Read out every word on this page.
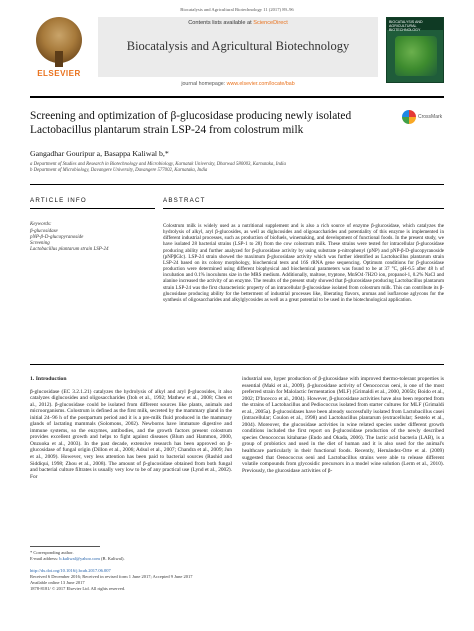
Biocatalysis and Agricultural Biotechnology 11 (2017) 89–96
ELSEVIER
Contents lists available at ScienceDirect
Biocatalysis and Agricultural Biotechnology
journal homepage: www.elsevier.com/locate/bab
BIOCATALYSIS AND AGRICULTURAL BIOTECHNOLOGY
Screening and optimization of β-glucosidase producing newly isolated
Lactobacillus plantarum strain LSP-24 from colostrum milk
CrossMark
Gangadhar Gouripur a, Basappa Kaliwal b,*
a Department of Studies and Research in Biotechnology and Microbiology, Karnatak University, Dharwad 580003, Karnataka, India
b Department of Microbiology, Davangere University, Davangere 577002, Karnataka, India
ARTICLE INFO	ABSTRACT
Keywords:
β-glucosidase
pNP-β-D-glucopyranoside
Screening
Lactobacillus plantarum strain LSP-24
Colostrum milk is widely used as a nutritional supplement and is also a rich source of enzyme β-glucosidase, which catalyzes the hydrolysis of alkyl, aryl β-glucosides, as well as diglucosides and oligosaccharides and potentiality of this enzyme is implemented in different industrial processes, such as production of biofuels, winemaking, and development of functional foods. In the present study, we have isolated 28 bacterial strains (LSP-1 to 28) from the cow colostrum milk. These strains were tested for intracellular β-glucosidase producing ability and further analyzed for β-glucosidase activity by using substrate p-nitrophenyl (pNP) and pNP-β-D-glucopyranoside (pNPβGlc). LSP-24 strain showed the maximum β-glucosidase activity which was further identified as Lactobacillus plantarum strain LSP-24 based on its colony morphology, biochemical tests and 16S rRNA gene sequencing. Optimum conditions for β-glucosidase production were determined using different biophysical and biochemical parameters was found to be at 37 °C, pH-6.5 after 48 h of incubation and 0.1% inoculums size in the MRS medium. Additionally, maltose, tryptone, MnSO4·7H2O ion, propanol-1, 0.2% NaCl and alanine increased the activity of an enzyme. The results of the present study showed that β-glucosidase producing Lactobacillus plantarum strain LSP-24 was the first characteristic property of an intracellular β-glucosidase isolated from colostrum milk. This can contribute its β-glucosidase producing ability for the betterment of industrial processes like, liberating flavors, aromas and isoflavone aglycons for the synthesis of oligosaccharides and alkylglycosides as well as a great potential to be used in the biotechnological application.
1. Introduction
β-glucosidase (EC 3.2.1.21) catalyzes the hydrolysis of alkyl and aryl β-glucosides, it also catalyzes diglucosides and oligosaccharides (Itoh et al., 1992; Mathew et al., 2008; Chen et al., 2012). β-glucosidase could be isolated from different sources like plants, animals and microorganisms. Colostrum is defined as the first milk, secreted by the mammary gland in the initial 24–96 h of the postpartum period and it is a pre-milk fluid produced in the mammary glands of lactating mammals (Solomons, 2002). Newborns have immature digestive and immune systems, so the enzymes, antibodies, and the growth factors present colostrum provides excellent growth and helps to fight against diseases (Blum and Hammon, 2000, Onzuoka et al., 2003). In the past decade, extensive research has been approved on β-glucosidase of fungal origin (Dillon et al., 2006; Adsul et al., 2007; Chandra et al., 2009; Jun et al., 2009). However, very less attention has been paid to bacterial sources (Rashid and Siddiqui, 1998; Zhou et al., 2008). The amount of β-glucosidase obtained from both fungal and bacterial culture filtrates is usually very low to be of any practical use (Lynd et al., 2002). For
industrial use, hyper production of β-glucosidase with improved thermo-tolerant properties is essential (Maki et al., 2009). β-glucosidase activity of Oenococcus oeni, is one of the most preferred strain for Malolactic fermentation (MLF) (Grimaldi et al., 2000, 2005b; Boido et al., 2002; D'Incecco et al., 2004). However, β-glucosidase activities have also been reported from the strains of Lactobacillus and Pediococcus isolated from starter cultures for MLF (Grimaldi et al., 2005a). β-glucosidases have been already successfully isolated from Lactobacillus casei (intracellular; Coulon et al., 1998) and Lactobacillus plantarum (extracellular; Sestelo et al., 2004). Moreover, the glucosidase activities in wine related species under different growth conditions included the first report on β-glucosidase production of the newly described species Oenococcus kitaharae (Endo and Okada, 2006). The lactic acid bacteria (LAB), is a group of probiotics and used in the diet of human and it is also used for the animal's healthcare particularly in their functional foods. Recently, Hernández-Orte et al. (2009) suggested that Oenococcus oeni and Lactobacillus strains were able to release different volatile compounds from glycosidic precursors in a model wine solution (Lerm et al., 2010). Previously, the glucosidase activities of β-
* Corresponding author.
E-mail address: b.kaliwal@yahoo.com (B. Kaliwal).
http://dx.doi.org/10.1016/j.bcab.2017.06.007
Received 6 December 2016; Received in revised form 1 June 2017; Accepted 9 June 2017
Available online 13 June 2017
1878-8181/ © 2017 Elsevier Ltd. All rights reserved.
